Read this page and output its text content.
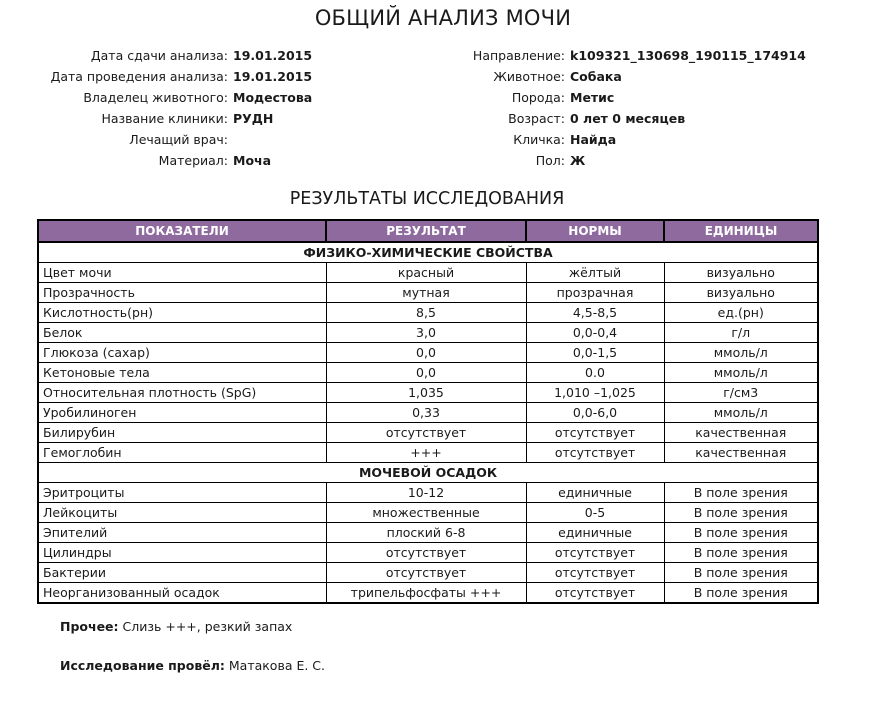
ОБЩИЙ АНАЛИЗ МОЧИ
Дата сдачи анализа: 19.01.2015
Дата проведения анализа: 19.01.2015
Владелец животного: Модестова
Название клиники: РУДН
Лечащий врач:
Материал: Моча
Направление: k109321_130698_190115_174914
Животное: Собака
Порода: Метис
Возраст: 0 лет 0 месяцев
Кличка: Найда
Пол: Ж
РЕЗУЛЬТАТЫ ИССЛЕДОВАНИЯ
ПОКАЗАТЕЛИ	РЕЗУЛЬТАТ	НОРМЫ	ЕДИНИЦЫ
ФИЗИКО-ХИМИЧЕСКИЕ СВОЙСТВА			
Цвет мочи	красный	жёлтый	визуально
Прозрачность	мутная	прозрачная	визуально
Кислотность(рн)	8,5	4,5-8,5	ед.(рн)
Белок	3,0	0,0-0,4	г/л
Глюкоза (сахар)	0,0	0,0-1,5	ммоль/л
Кетоновые тела	0,0	0.0	ммоль/л
Относительная плотность (SpG)	1,035	1,010 –1,025	г/см3
Уробилиноген	0,33	0,0-6,0	ммоль/л
Билирубин	отсутствует	отсутствует	качественная
Гемоглобин	+++	отсутствует	качественная
МОЧЕВОЙ ОСАДОК			
Эритроциты	10-12	единичные	В поле зрения
Лейкоциты	множественные	0-5	В поле зрения
Эпителий	плоский 6-8	единичные	В поле зрения
Цилиндры	отсутствует	отсутствует	В поле зрения
Бактерии	отсутствует	отсутствует	В поле зрения
Неорганизованный осадок	трипельфосфаты +++	отсутствует	В поле зрения

Прочее: Слизь +++, резкий запах

Исследование провёл: Матакова Е. С.
